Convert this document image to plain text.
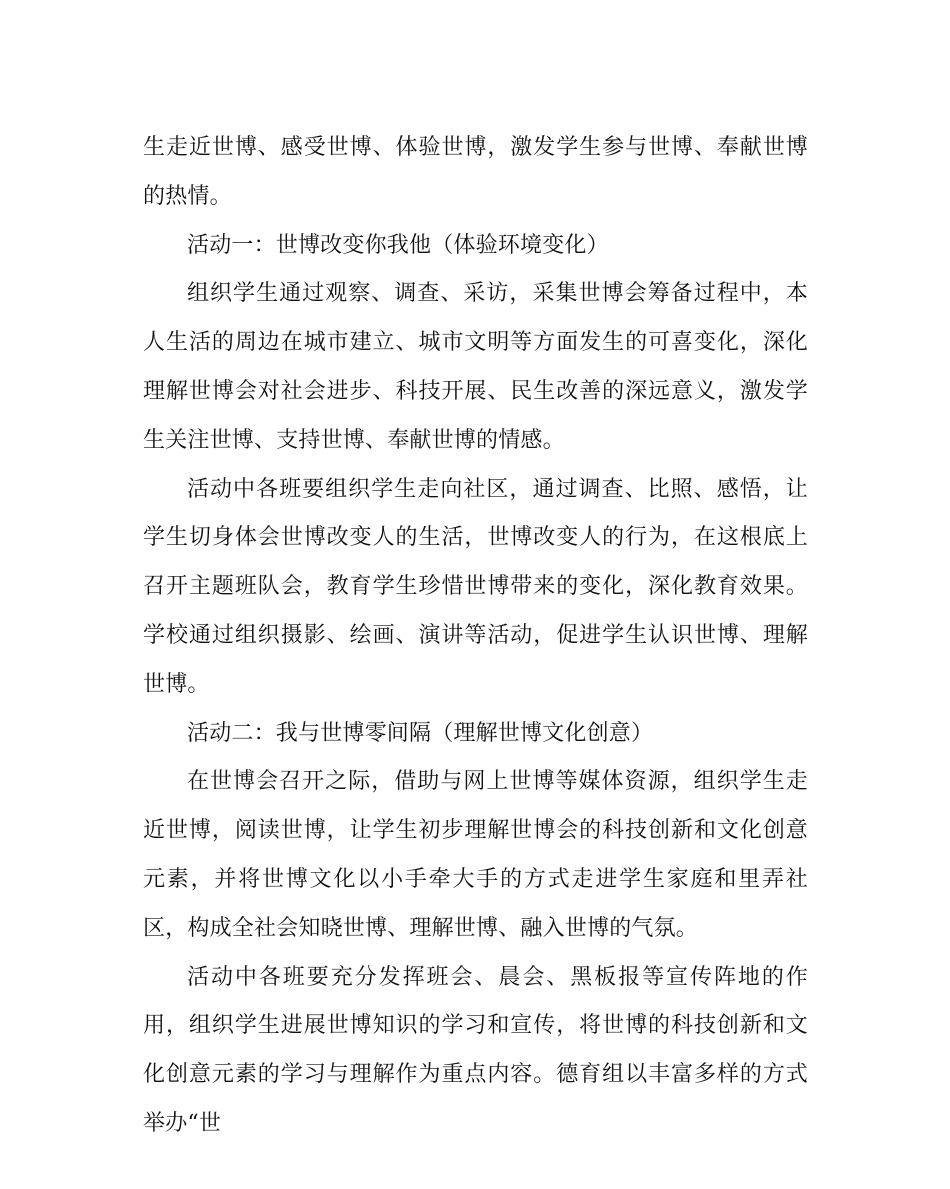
生走近世博、感受世博、体验世博，激发学生参与世博、奉献世博的热情。

活动一：世博改变你我他（体验环境变化）

组织学生通过观察、调查、采访，采集世博会筹备过程中，本人生活的周边在城市建立、城市文明等方面发生的可喜变化，深化理解世博会对社会进步、科技开展、民生改善的深远意义，激发学生关注世博、支持世博、奉献世博的情感。

活动中各班要组织学生走向社区，通过调查、比照、感悟，让学生切身体会世博改变人的生活，世博改变人的行为，在这根底上召开主题班队会，教育学生珍惜世博带来的变化，深化教育效果。学校通过组织摄影、绘画、演讲等活动，促进学生认识世博、理解世博。

活动二：我与世博零间隔（理解世博文化创意）

在世博会召开之际，借助与网上世博等媒体资源，组织学生走近世博，阅读世博，让学生初步理解世博会的科技创新和文化创意元素，并将世博文化以小手牵大手的方式走进学生家庭和里弄社区，构成全社会知晓世博、理解世博、融入世博的气氛。

活动中各班要充分发挥班会、晨会、黑板报等宣传阵地的作用，组织学生进展世博知识的学习和宣传，将世博的科技创新和文化创意元素的学习与理解作为重点内容。德育组以丰富多样的方式举办“世
